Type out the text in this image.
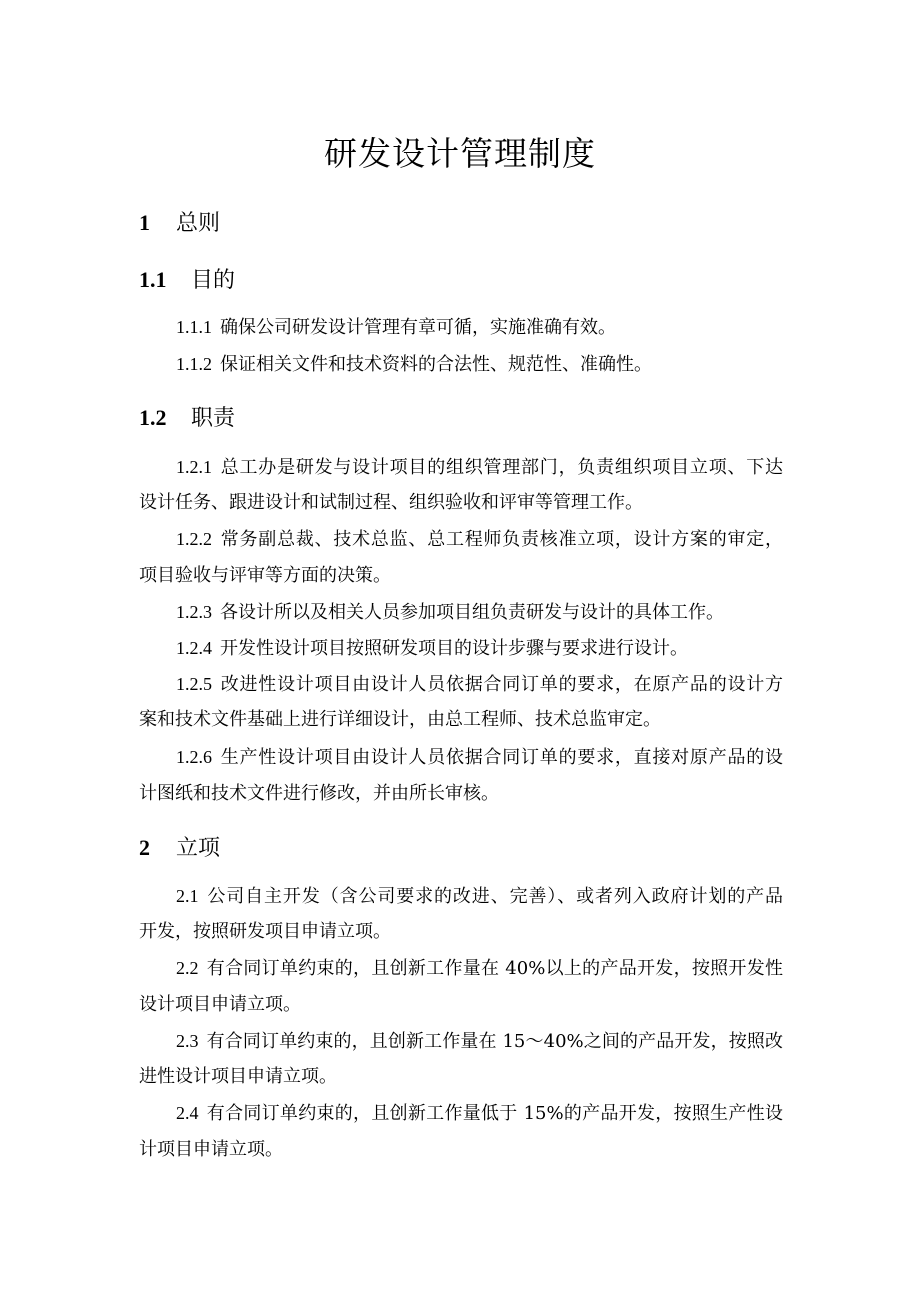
研发设计管理制度
1 总则
1.1 目的
1.1.1 确保公司研发设计管理有章可循，实施准确有效。
1.1.2 保证相关文件和技术资料的合法性、规范性、准确性。
1.2 职责
1.2.1 总工办是研发与设计项目的组织管理部门，负责组织项目立项、下达
设计任务、跟进设计和试制过程、组织验收和评审等管理工作。
1.2.2 常务副总裁、技术总监、总工程师负责核准立项，设计方案的审定，
项目验收与评审等方面的决策。
1.2.3 各设计所以及相关人员参加项目组负责研发与设计的具体工作。
1.2.4 开发性设计项目按照研发项目的设计步骤与要求进行设计。
1.2.5 改进性设计项目由设计人员依据合同订单的要求，在原产品的设计方
案和技术文件基础上进行详细设计，由总工程师、技术总监审定。
1.2.6 生产性设计项目由设计人员依据合同订单的要求，直接对原产品的设
计图纸和技术文件进行修改，并由所长审核。
2 立项
2.1 公司自主开发（含公司要求的改进、完善）、或者列入政府计划的产品
开发，按照研发项目申请立项。
2.2 有合同订单约束的，且创新工作量在 40%以上的产品开发，按照开发性
设计项目申请立项。
2.3 有合同订单约束的，且创新工作量在 15～40%之间的产品开发，按照改
进性设计项目申请立项。
2.4 有合同订单约束的，且创新工作量低于 15%的产品开发，按照生产性设
计项目申请立项。
